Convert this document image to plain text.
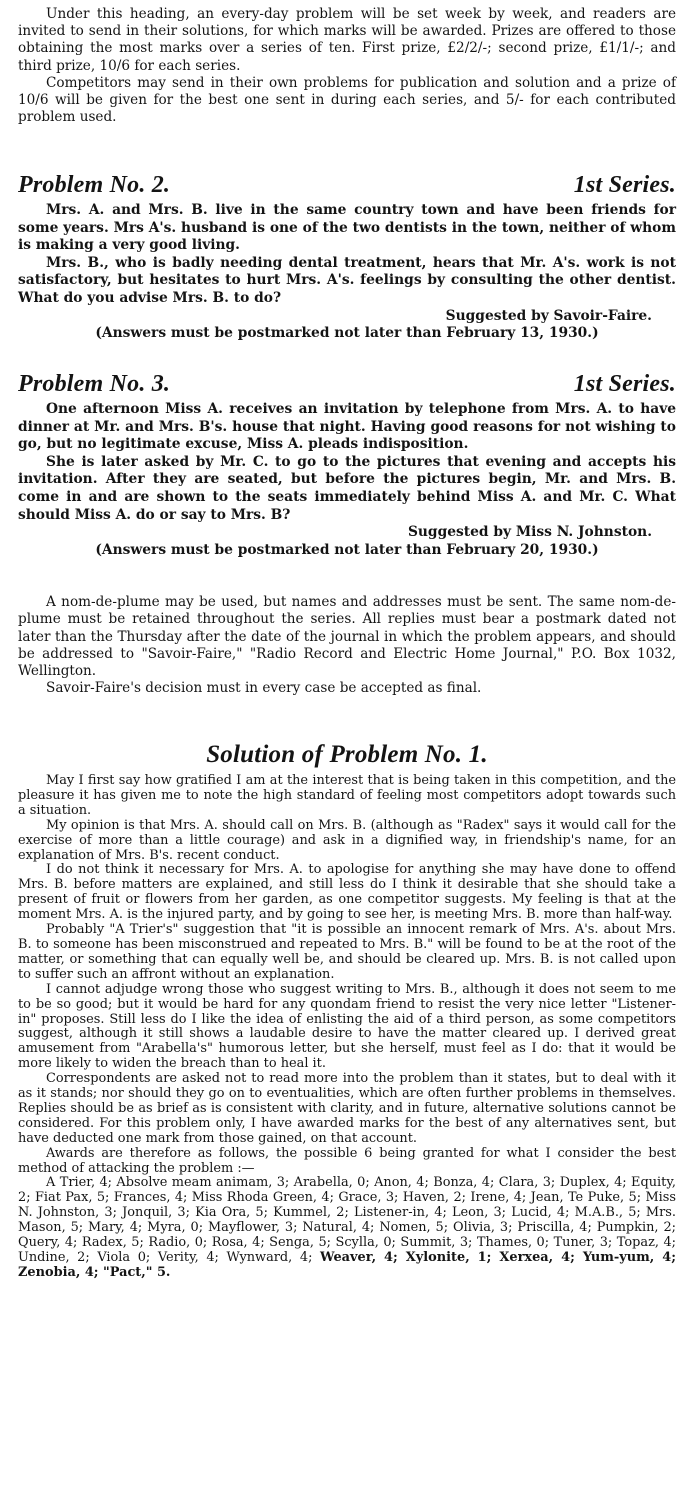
Under this heading, an every-day problem will be set week by week, and readers are invited to send in their solutions, for which marks will be awarded. Prizes are offered to those obtaining the most marks over a series of ten. First prize, £2/2/-; second prize, £1/1/-; and third prize, 10/6 for each series.

Competitors may send in their own problems for publication and solution and a prize of 10/6 will be given for the best one sent in during each series, and 5/- for each contributed problem used.

Problem No. 2.	1st Series.

Mrs. A. and Mrs. B. live in the same country town and have been friends for some years. Mrs A's. husband is one of the two dentists in the town, neither of whom is making a very good living.

Mrs. B., who is badly needing dental treatment, hears that Mr. A's. work is not satisfactory, but hesitates to hurt Mrs. A's. feelings by consulting the other dentist. What do you advise Mrs. B. to do?

Suggested by Savoir-Faire.

(Answers must be postmarked not later than February 13, 1930.)

Problem No. 3.	1st Series.

One afternoon Miss A. receives an invitation by telephone from Mrs. A. to have dinner at Mr. and Mrs. B's. house that night. Having good reasons for not wishing to go, but no legitimate excuse, Miss A. pleads indisposition.

She is later asked by Mr. C. to go to the pictures that evening and accepts his invitation. After they are seated, but before the pictures begin, Mr. and Mrs. B. come in and are shown to the seats immediately behind Miss A. and Mr. C. What should Miss A. do or say to Mrs. B?

Suggested by Miss N. Johnston.

(Answers must be postmarked not later than February 20, 1930.)

A nom-de-plume may be used, but names and addresses must be sent. The same nom-de-plume must be retained throughout the series. All replies must bear a postmark dated not later than the Thursday after the date of the journal in which the problem appears, and should be addressed to "Savoir-Faire," "Radio Record and Electric Home Journal," P.O. Box 1032, Wellington.

Savoir-Faire's decision must in every case be accepted as final.

Solution of Problem No. 1.

May I first say how gratified I am at the interest that is being taken in this competition, and the pleasure it has given me to note the high standard of feeling most competitors adopt towards such a situation.

My opinion is that Mrs. A. should call on Mrs. B. (although as "Radex" says it would call for the exercise of more than a little courage) and ask in a dignified way, in friendship's name, for an explanation of Mrs. B's. recent conduct.

I do not think it necessary for Mrs. A. to apologise for anything she may have done to offend Mrs. B. before matters are explained, and still less do I think it desirable that she should take a present of fruit or flowers from her garden, as one competitor suggests. My feeling is that at the moment Mrs. A. is the injured party, and by going to see her, is meeting Mrs. B. more than half-way.

Probably "A Trier's" suggestion that "it is possible an innocent remark of Mrs. A's. about Mrs. B. to someone has been misconstrued and repeated to Mrs. B." will be found to be at the root of the matter, or something that can equally well be, and should be cleared up. Mrs. B. is not called upon to suffer such an affront without an explanation.

I cannot adjudge wrong those who suggest writing to Mrs. B., although it does not seem to me to be so good; but it would be hard for any quondam friend to resist the very nice letter "Listener-in" proposes. Still less do I like the idea of enlisting the aid of a third person, as some competitors suggest, although it still shows a laudable desire to have the matter cleared up. I derived great amusement from "Arabella's" humorous letter, but she herself, must feel as I do: that it would be more likely to widen the breach than to heal it.

Correspondents are asked not to read more into the problem than it states, but to deal with it as it stands; nor should they go on to eventualities, which are often further problems in themselves. Replies should be as brief as is consistent with clarity, and in future, alternative solutions cannot be considered. For this problem only, I have awarded marks for the best of any alternatives sent, but have deducted one mark from those gained, on that account.

Awards are therefore as follows, the possible 6 being granted for what I consider the best method of attacking the problem :—

A Trier, 4; Absolve meam animam, 3; Arabella, 0; Anon, 4; Bonza, 4; Clara, 3; Duplex, 4; Equity, 2; Fiat Pax, 5; Frances, 4; Miss Rhoda Green, 4; Grace, 3; Haven, 2; Irene, 4; Jean, Te Puke, 5; Miss N. Johnston, 3; Jonquil, 3; Kia Ora, 5; Kummel, 2; Listener-in, 4; Leon, 3; Lucid, 4; M.A.B., 5; Mrs. Mason, 5; Mary, 4; Myra, 0; Mayflower, 3; Natural, 4; Nomen, 5; Olivia, 3; Priscilla, 4; Pumpkin, 2; Query, 4; Radex, 5; Radio, 0; Rosa, 4; Senga, 5; Scylla, 0; Summit, 3; Thames, 0; Tuner, 3; Topaz, 4; Undine, 2; Viola 0; Verity, 4; Wynward, 4; Weaver, 4; Xylonite, 1; Xerxea, 4; Yum-yum, 4; Zenobia, 4; "Pact," 5.
